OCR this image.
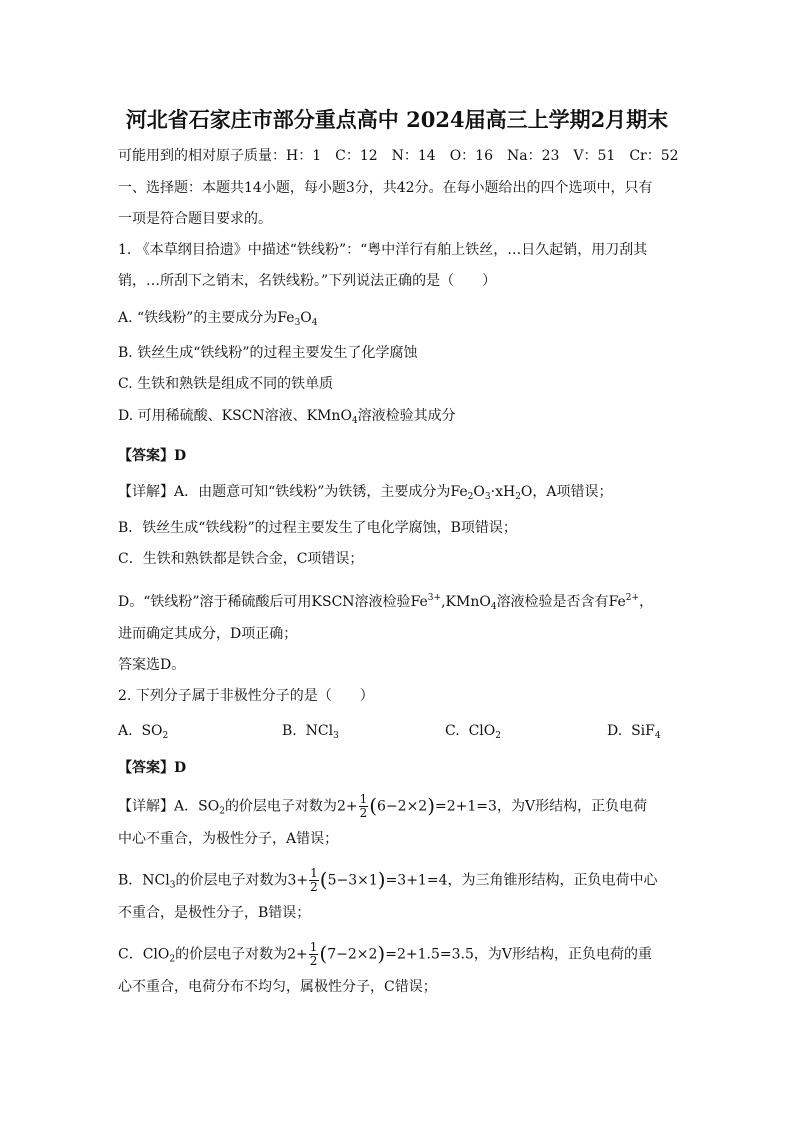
河北省石家庄市部分重点高中 2024届高三上学期2月期末
可能用到的相对原子质量：H：1　C：12　N：14　O：16　Na：23　V：51　Cr：52
一、选择题：本题共14小题，每小题3分，共42分。在每小题给出的四个选项中，只有
一项是符合题目要求的。
1. 《本草纲目拾遗》中描述“铁线粉”：“粤中洋行有舶上铁丝，…日久起销，用刀刮其
销，…所刮下之销末，名铁线粉。”下列说法正确的是（　　）
A. “铁线粉”的主要成分为$Fe_3O_4$
B. 铁丝生成“铁线粉”的过程主要发生了化学腐蚀
C. 生铁和熟铁是组成不同的铁单质
D. 可用稀硫酸、KSCN溶液、KMnO$_4$溶液检验其成分
【答案】D
【详解】A．由题意可知“铁线粉”为铁锈，主要成分为$Fe_2O_3\cdot xH_2O$，A项错误；
B．铁丝生成“铁线粉”的过程主要发生了电化学腐蚀，B项错误；
C．生铁和熟铁都是铁合金，C项错误；
D。“铁线粉”溶于稀硫酸后可用KSCN溶液检验$Fe^{3+},KMnO_4$溶液检验是否含有$Fe^{2+}$，
进而确定其成分，D项正确；
答案选D。
2. 下列分子属于非极性分子的是（　　）
A.  $SO_2$	B.  NCl$_3$	C.  ClO$_2$	D.  SiF$_4$
【答案】D
【详解】A．$SO_2$的价层电子对数为$2+ \frac{1}{2} (6-2\times 2)=2+1=3$，为V形结构，正负电荷
中心不重合，为极性分子，A错误；
B．NCl$_3$的价层电子对数为$3+ \frac{1}{2} (5-3\times 1)=3+1=4$，为三角锥形结构，正负电荷中心
不重合，是极性分子，B错误；
C．ClO$_2$的价层电子对数为$2+ \frac{1}{2} (7-2\times 2)=2+1.5=3.5$，为V形结构，正负电荷的重
心不重合，电荷分布不均匀，属极性分子，C错误；
